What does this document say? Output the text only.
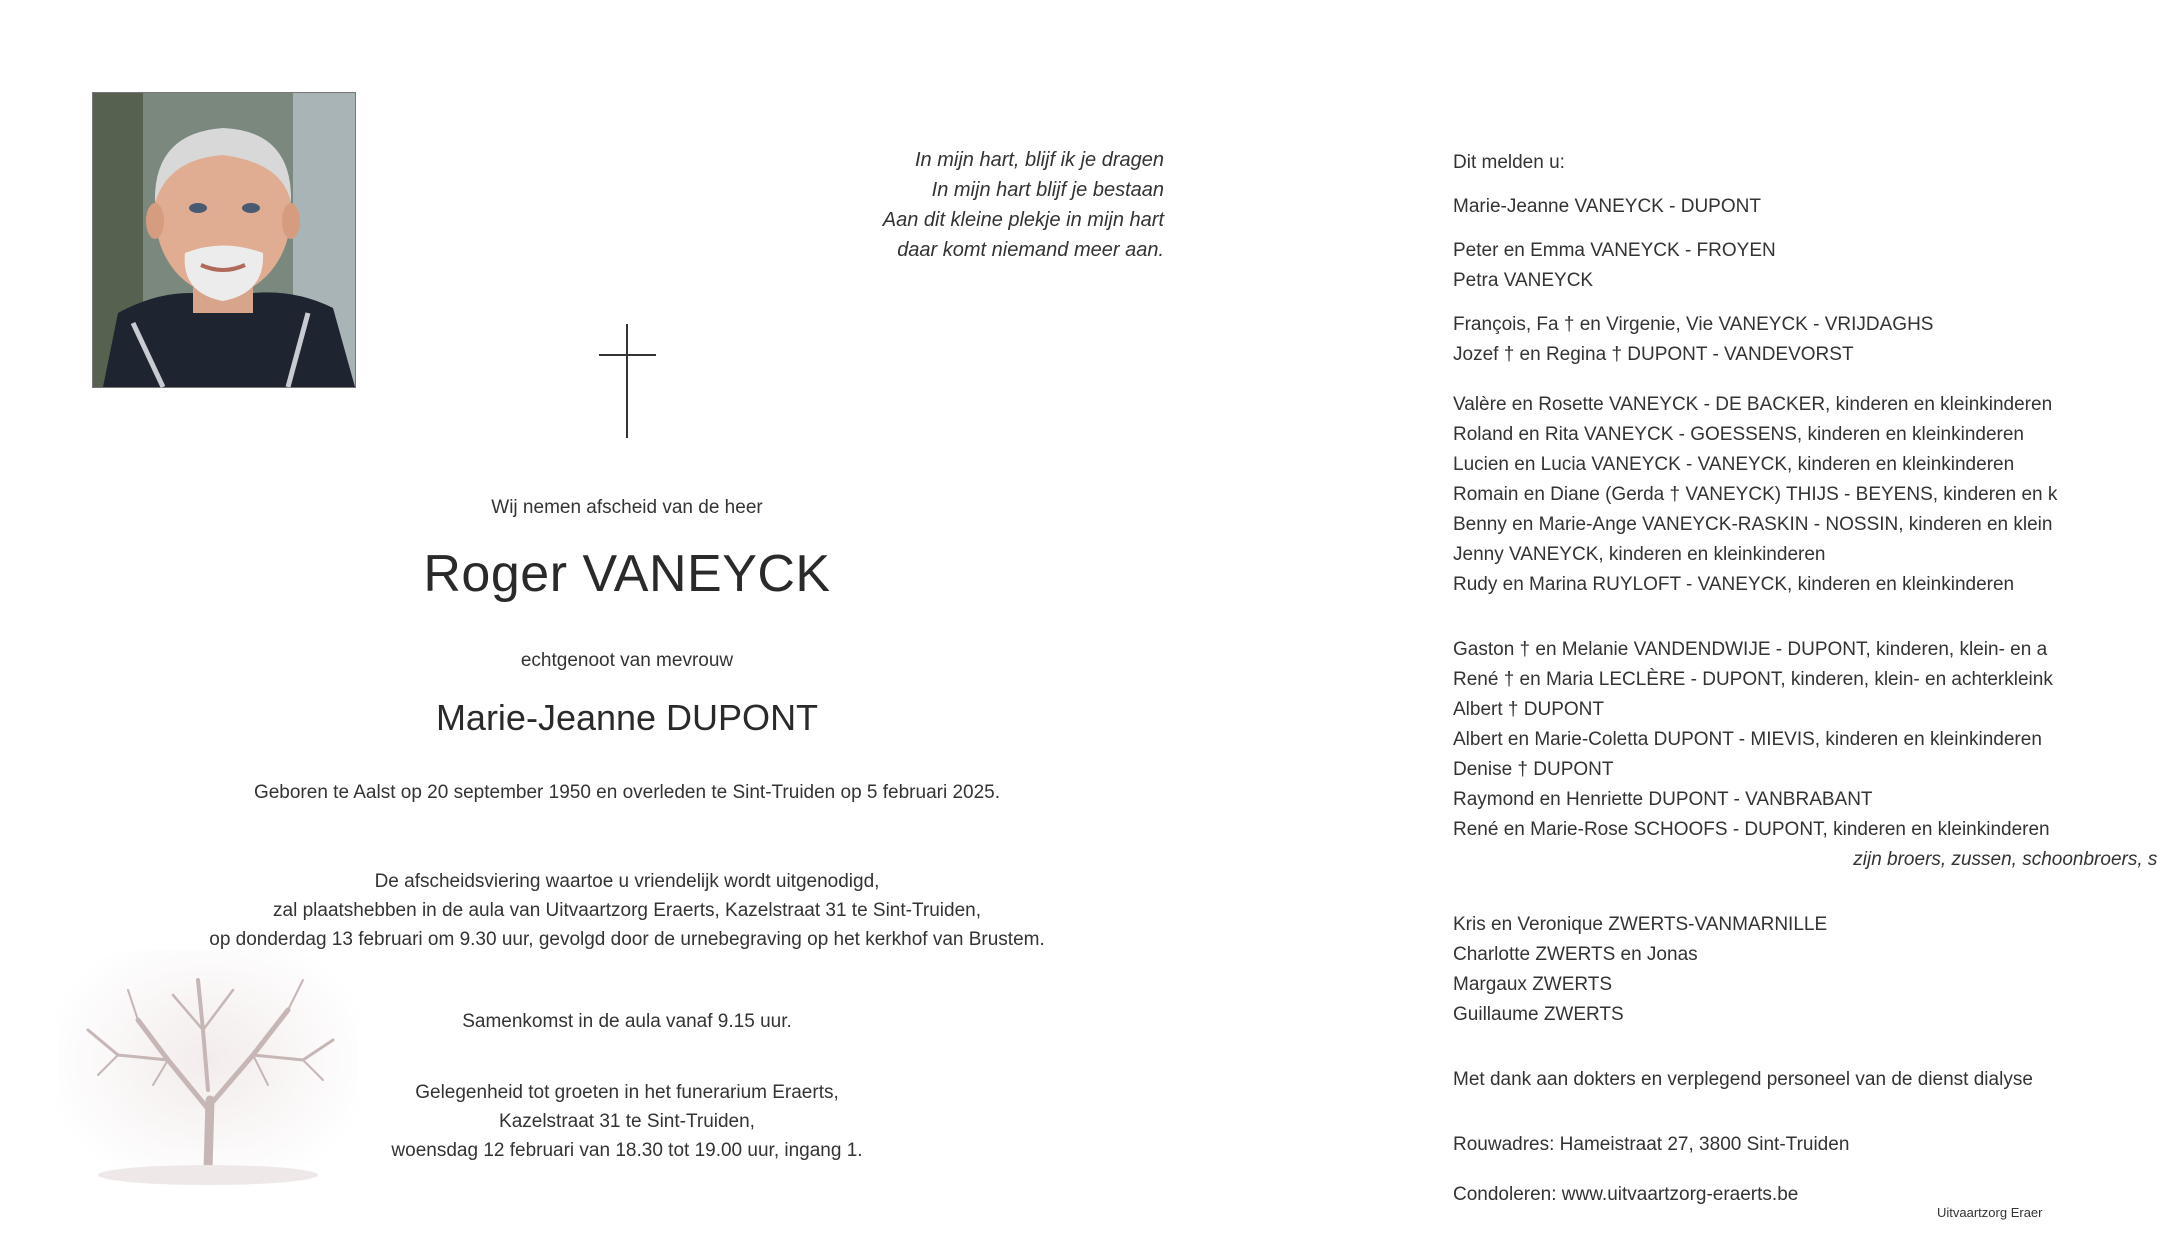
In mijn hart, blijf ik je dragen
In mijn hart blijf je bestaan
Aan dit kleine plekje in mijn hart
daar komt niemand meer aan.
Wij nemen afscheid van de heer
Roger VANEYCK
echtgenoot van mevrouw
Marie-Jeanne DUPONT
Geboren te Aalst op 20 september 1950 en overleden te Sint-Truiden op 5 februari 2025.
De afscheidsviering waartoe u vriendelijk wordt uitgenodigd,
zal plaatshebben in de aula van Uitvaartzorg Eraerts, Kazelstraat 31 te Sint-Truiden,
op donderdag 13 februari om 9.30 uur, gevolgd door de urnebegraving op het kerkhof van Brustem.
Samenkomst in de aula vanaf 9.15 uur.
Gelegenheid tot groeten in het funerarium Eraerts,
Kazelstraat 31 te Sint-Truiden,
woensdag 12 februari van 18.30 tot 19.00 uur, ingang 1.
Dit melden u:
Marie-Jeanne VANEYCK - DUPONT
Peter en Emma VANEYCK - FROYEN
Petra VANEYCK
François, Fa † en Virgenie, Vie VANEYCK - VRIJDAGHS
Jozef † en Regina † DUPONT - VANDEVORST
Valère en Rosette VANEYCK - DE BACKER, kinderen en kleinkinderen
Roland en Rita VANEYCK - GOESSENS, kinderen en kleinkinderen
Lucien en Lucia VANEYCK - VANEYCK, kinderen en kleinkinderen
Romain en Diane (Gerda † VANEYCK) THIJS - BEYENS, kinderen en k
Benny en Marie-Ange VANEYCK-RASKIN - NOSSIN, kinderen en klein
Jenny VANEYCK, kinderen en kleinkinderen
Rudy en Marina RUYLOFT - VANEYCK, kinderen en kleinkinderen
Gaston † en Melanie VANDENDWIJE - DUPONT, kinderen, klein- en a
René † en Maria LECLÈRE - DUPONT, kinderen, klein- en achterkleink
Albert † DUPONT
Albert en Marie-Coletta DUPONT - MIEVIS, kinderen en kleinkinderen
Denise † DUPONT
Raymond en Henriette DUPONT - VANBRABANT
René en Marie-Rose SCHOOFS - DUPONT, kinderen en kleinkinderen
zijn broers, zussen, schoonbroers, s
Kris en Veronique ZWERTS-VANMARNILLE
Charlotte ZWERTS en Jonas
Margaux ZWERTS
Guillaume ZWERTS
Met dank aan dokters en verplegend personeel van de dienst dialyse
Rouwadres: Hameistraat 27, 3800 Sint-Truiden
Condoleren: www.uitvaartzorg-eraerts.be
Uitvaartzorg Eraer
